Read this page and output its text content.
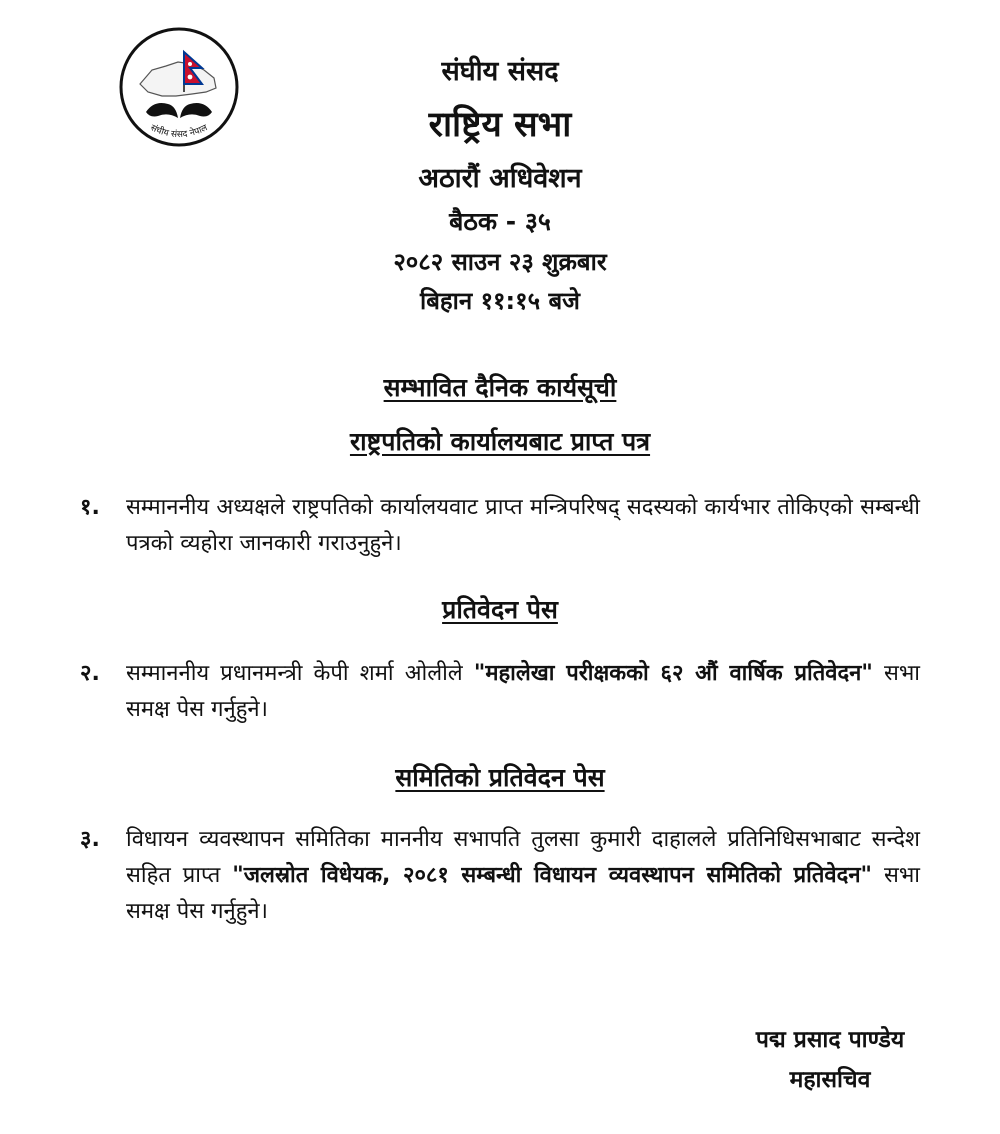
संघीय संसद नेपाल
संघीय संसद
राष्ट्रिय सभा
अठारौं अधिवेशन
बैठक - ३५
२०८२ साउन २३ शुक्रबार
बिहान ११:१५ बजे
सम्भावित दैनिक कार्यसूची
राष्ट्रपतिको कार्यालयबाट प्राप्त पत्र
१.	सम्माननीय अध्यक्षले राष्ट्रपतिको कार्यालयवाट प्राप्त मन्त्रिपरिषद् सदस्यको कार्यभार तोकिएको सम्बन्धी पत्रको व्यहोरा जानकारी गराउनुहुने।
प्रतिवेदन पेस
२.	सम्माननीय प्रधानमन्त्री केपी शर्मा ओलीले "महालेखा परीक्षकको ६२ औं वार्षिक प्रतिवेदन" सभा समक्ष पेस गर्नुहुने।
समितिको प्रतिवेदन पेस
३.	विधायन व्यवस्थापन समितिका माननीय सभापति तुलसा कुमारी दाहालले प्रतिनिधिसभाबाट सन्देश सहित प्राप्त "जलस्रोत विधेयक, २०८१ सम्बन्धी विधायन व्यवस्थापन समितिको प्रतिवेदन" सभा समक्ष पेस गर्नुहुने।
पद्म प्रसाद पाण्डेय
महासचिव
